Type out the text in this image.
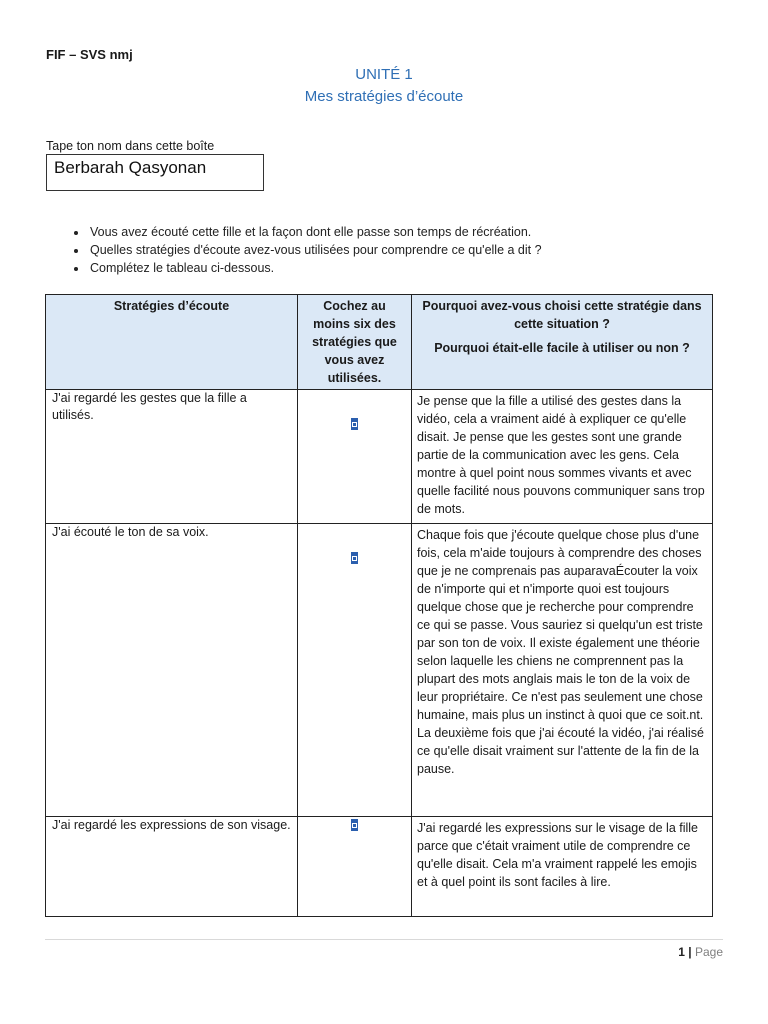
FIF – SVS nmj
UNITÉ 1
Mes stratégies d’écoute
Tape ton nom dans cette boîte
Berbarah Qasyonan
• Vous avez écouté cette fille et la façon dont elle passe son temps de récréation.
• Quelles stratégies d'écoute avez-vous utilisées pour comprendre ce qu'elle a dit ?
• Complétez le tableau ci-dessous.
Stratégies d’écoute	Cochez au moins six des stratégies que vous avez utilisées.	Pourquoi avez-vous choisi cette stratégie dans cette situation ?

Pourquoi était-elle facile à utiliser ou non ?

J'ai regardé les gestes que la fille a utilisés.		Je pense que la fille a utilisé des gestes dans la vidéo, cela a vraiment aidé à expliquer ce qu'elle disait. Je pense que les gestes sont une grande partie de la communication avec les gens. Cela montre à quel point nous sommes vivants et avec quelle facilité nous pouvons communiquer sans trop de mots.
J'ai écouté le ton de sa voix.		Chaque fois que j'écoute quelque chose plus d'une fois, cela m'aide toujours à comprendre des choses que je ne comprenais pas auparavaÉcouter la voix de n'importe qui et n'importe quoi est toujours quelque chose que je recherche pour comprendre ce qui se passe. Vous sauriez si quelqu'un est triste par son ton de voix. Il existe également une théorie selon laquelle les chiens ne comprennent pas la plupart des mots anglais mais le ton de la voix de leur propriétaire. Ce n'est pas seulement une chose humaine, mais plus un instinct à quoi que ce soit.nt. La deuxième fois que j'ai écouté la vidéo, j'ai réalisé ce qu'elle disait vraiment sur l'attente de la fin de la pause.
J'ai regardé les expressions de son visage.		J'ai regardé les expressions sur le visage de la fille parce que c'était vraiment utile de comprendre ce qu'elle disait. Cela m'a vraiment rappelé les emojis et à quel point ils sont faciles à lire.
1 | Page
